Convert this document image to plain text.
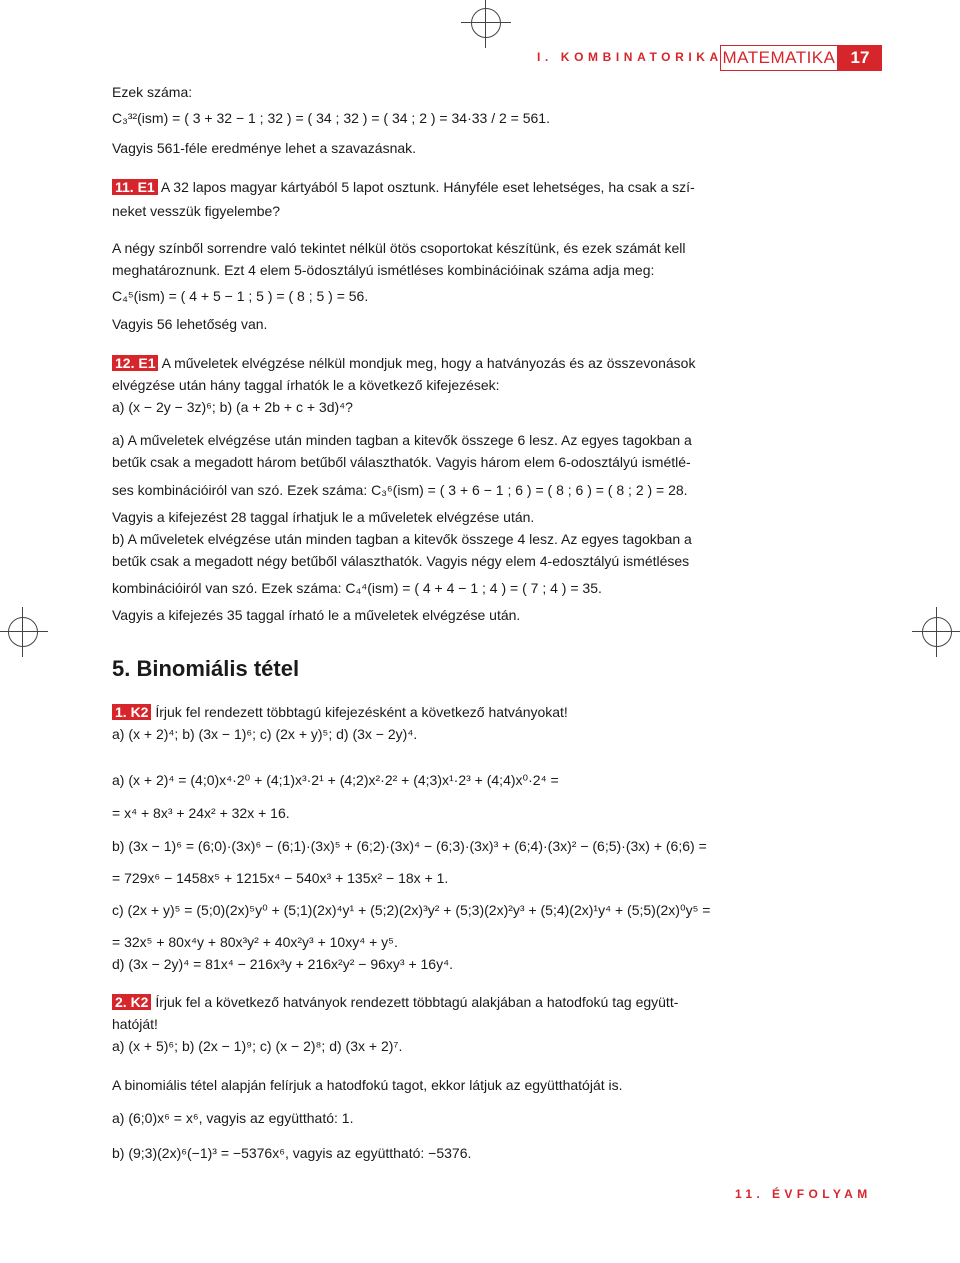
I. KOMBINATORIKA MATEMATIKA 17
Ezek száma:
C₃³²(ism) = ( 3 + 32 − 1 ; 32 ) = ( 34 ; 32 ) = ( 34 ; 2 ) = 34·33 / 2 = 561.
Vagyis 561-féle eredménye lehet a szavazásnak.
11. E1 A 32 lapos magyar kártyából 5 lapot osztunk. Hányféle eset lehetséges, ha csak a szí-
neket vesszük figyelembe?
A négy színből sorrendre való tekintet nélkül ötös csoportokat készítünk, és ezek számát kell
meghatároznunk. Ezt 4 elem 5-ödosztályú ismétléses kombinációinak száma adja meg:
C₄⁵(ism) = ( 4 + 5 − 1 ; 5 ) = ( 8 ; 5 ) = 56.
Vagyis 56 lehetőség van.
12. E1 A műveletek elvégzése nélkül mondjuk meg, hogy a hatványozás és az összevonások
elvégzése után hány taggal írhatók le a következő kifejezések:
a) (x − 2y − 3z)⁶; b) (a + 2b + c + 3d)⁴?
a) A műveletek elvégzése után minden tagban a kitevők összege 6 lesz. Az egyes tagokban a
betűk csak a megadott három betűből választhatók. Vagyis három elem 6-odosztályú ismétlé-
ses kombinációiról van szó. Ezek száma: C₃⁶(ism) = ( 3 + 6 − 1 ; 6 ) = ( 8 ; 6 ) = ( 8 ; 2 ) = 28.
Vagyis a kifejezést 28 taggal írhatjuk le a műveletek elvégzése után.
b) A műveletek elvégzése után minden tagban a kitevők összege 4 lesz. Az egyes tagokban a
betűk csak a megadott négy betűből választhatók. Vagyis négy elem 4-edosztályú ismétléses
kombinációiról van szó. Ezek száma: C₄⁴(ism) = ( 4 + 4 − 1 ; 4 ) = ( 7 ; 4 ) = 35.
Vagyis a kifejezés 35 taggal írható le a műveletek elvégzése után.
5. Binomiális tétel
1. K2 Írjuk fel rendezett többtagú kifejezésként a következő hatványokat!
a) (x + 2)⁴; b) (3x − 1)⁶; c) (2x + y)⁵; d) (3x − 2y)⁴.
a) (x + 2)⁴ = (4;0)x⁴·2⁰ + (4;1)x³·2¹ + (4;2)x²·2² + (4;3)x¹·2³ + (4;4)x⁰·2⁴ =
= x⁴ + 8x³ + 24x² + 32x + 16.
b) (3x − 1)⁶ = (6;0)·(3x)⁶ − (6;1)·(3x)⁵ + (6;2)·(3x)⁴ − (6;3)·(3x)³ + (6;4)·(3x)² − (6;5)·(3x) + (6;6) =
= 729x⁶ − 1458x⁵ + 1215x⁴ − 540x³ + 135x² − 18x + 1.
c) (2x + y)⁵ = (5;0)(2x)⁵y⁰ + (5;1)(2x)⁴y¹ + (5;2)(2x)³y² + (5;3)(2x)²y³ + (5;4)(2x)¹y⁴ + (5;5)(2x)⁰y⁵ =
= 32x⁵ + 80x⁴y + 80x³y² + 40x²y³ + 10xy⁴ + y⁵.
d) (3x − 2y)⁴ = 81x⁴ − 216x³y + 216x²y² − 96xy³ + 16y⁴.
2. K2 Írjuk fel a következő hatványok rendezett többtagú alakjában a hatodfokú tag együtt-
hatóját!
a) (x + 5)⁶; b) (2x − 1)⁹; c) (x − 2)⁸; d) (3x + 2)⁷.
A binomiális tétel alapján felírjuk a hatodfokú tagot, ekkor látjuk az együtthatóját is.
a) (6;0)x⁶ = x⁶, vagyis az együttható: 1.
b) (9;3)(2x)⁶(−1)³ = −5376x⁶, vagyis az együttható: −5376.
11. ÉVFOLYAM
